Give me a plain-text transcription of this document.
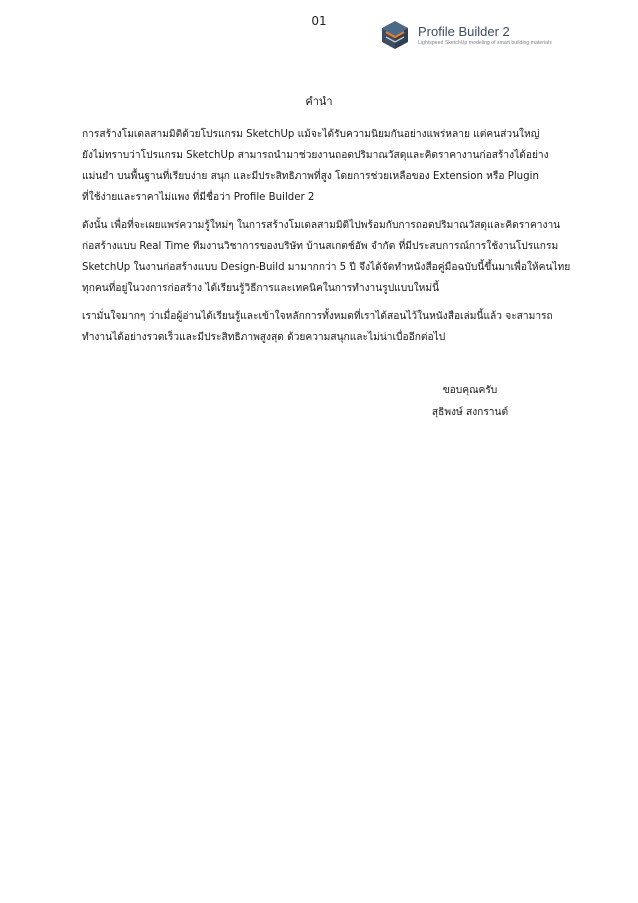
01
Profile Builder 2
Lightspeed SketchUp modeling of smart building materials
คำนำ

การสร้างโมเดลสามมิติด้วยโปรแกรม SketchUp แม้จะได้รับความนิยมกันอย่างแพร่หลาย แต่คนส่วนใหญ่
ยังไม่ทราบว่าโปรแกรม SketchUp สามารถนำมาช่วยงานถอดปริมาณวัสดุและคิดราคางานก่อสร้างได้อย่าง
แม่นยำ บนพื้นฐานที่เรียบง่าย สนุก และมีประสิทธิภาพที่สูง โดยการช่วยเหลือของ Extension หรือ Plugin
ที่ใช้ง่ายและราคาไม่แพง ที่มีชื่อว่า Profile Builder 2

ดังนั้น เพื่อที่จะเผยแพร่ความรู้ใหม่ๆ ในการสร้างโมเดลสามมิติไปพร้อมกับการถอดปริมาณวัสดุและคิดราคางาน
ก่อสร้างแบบ Real Time ทีมงานวิชาการของบริษัท บ้านสเกตช์อัพ จำกัด ที่มีประสบการณ์การใช้งานโปรแกรม
SketchUp ในงานก่อสร้างแบบ Design-Build มามากกว่า 5 ปี จึงได้จัดทำหนังสือคู่มือฉบับนี้ขึ้นมาเพื่อให้คนไทย
ทุกคนที่อยู่ในวงการก่อสร้าง ได้เรียนรู้วิธีการและเทคนิคในการทำงานรูปแบบใหม่นี้

เรามั่นใจมากๆ ว่าเมื่อผู้อ่านได้เรียนรู้และเข้าใจหลักการทั้งหมดที่เราได้สอนไว้ในหนังสือเล่มนี้แล้ว จะสามารถ
ทำงานได้อย่างรวดเร็วและมีประสิทธิภาพสูงสุด ด้วยความสนุกและไม่น่าเบื่ออีกต่อไป

ขอบคุณครับ
สุธิพงษ์ สงกรานต์
